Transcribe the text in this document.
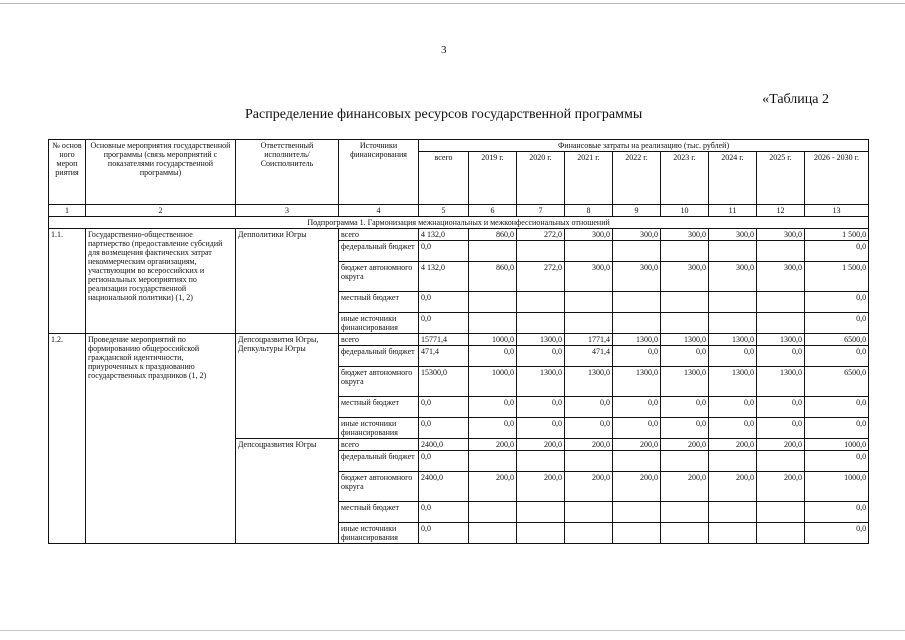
3
«Таблица 2
Распределение финансовых ресурсов государственной программы
№ основ ного мероп риятия	Основные мероприятия государственной программы (связь мероприятий с показателями государственной программы)	Ответственный исполнитель/ Соисполнитель	Источники финансирования	Финансовые затраты на реализацию (тыс. рублей)								
				всего	2019 г.	2020 г.	2021 г.	2022 г.	2023 г.	2024 г.	2025 г.	2026 - 2030 г.
1	2	3	4	5	6	7	8	9	10	11	12	13
Подпрограмма 1. Гармонизация межнациональных и межконфессиональных отношений												
1.1.	Государственно-общественное партнерство (предоставление субсидий для возмещения фактических затрат некоммерческим организациям, участвующим во всероссийских и региональных мероприятиях по реализации государственной национальной политики) (1, 2)	Депполитики Югры	всего	4 132,0	860,0	272,0	300,0	300,0	300,0	300,0	300,0	1 500,0
			федеральный бюджет	0,0								0,0
			бюджет автономного округа	4 132,0	860,0	272,0	300,0	300,0	300,0	300,0	300,0	1 500,0
			местный бюджет	0,0								0,0
			иные источники финансирования	0,0								0,0
1.2.	Проведение мероприятий по формированию общероссийской гражданской идентичности, приуроченных к празднованию государственных праздников (1, 2)	Депсоцразвития Югры, Депкультуры Югры	всего	15771,4	1000,0	1300,0	1771,4	1300,0	1300,0	1300,0	1300,0	6500,0
			федеральный бюджет	471,4	0,0	0,0	471,4	0,0	0,0	0,0	0,0	0,0
			бюджет автономного округа	15300,0	1000,0	1300,0	1300,0	1300,0	1300,0	1300,0	1300,0	6500,0
			местный бюджет	0,0	0,0	0,0	0,0	0,0	0,0	0,0	0,0	0,0
			иные источники финансирования	0,0	0,0	0,0	0,0	0,0	0,0	0,0	0,0	0,0
		Депсоцразвития Югры	всего	2400,0	200,0	200,0	200,0	200,0	200,0	200,0	200,0	1000,0
			федеральный бюджет	0,0								0,0
			бюджет автономного округа	2400,0	200,0	200,0	200,0	200,0	200,0	200,0	200,0	1000,0
			местный бюджет	0,0								0,0
			иные источники финансирования	0,0								0,0
